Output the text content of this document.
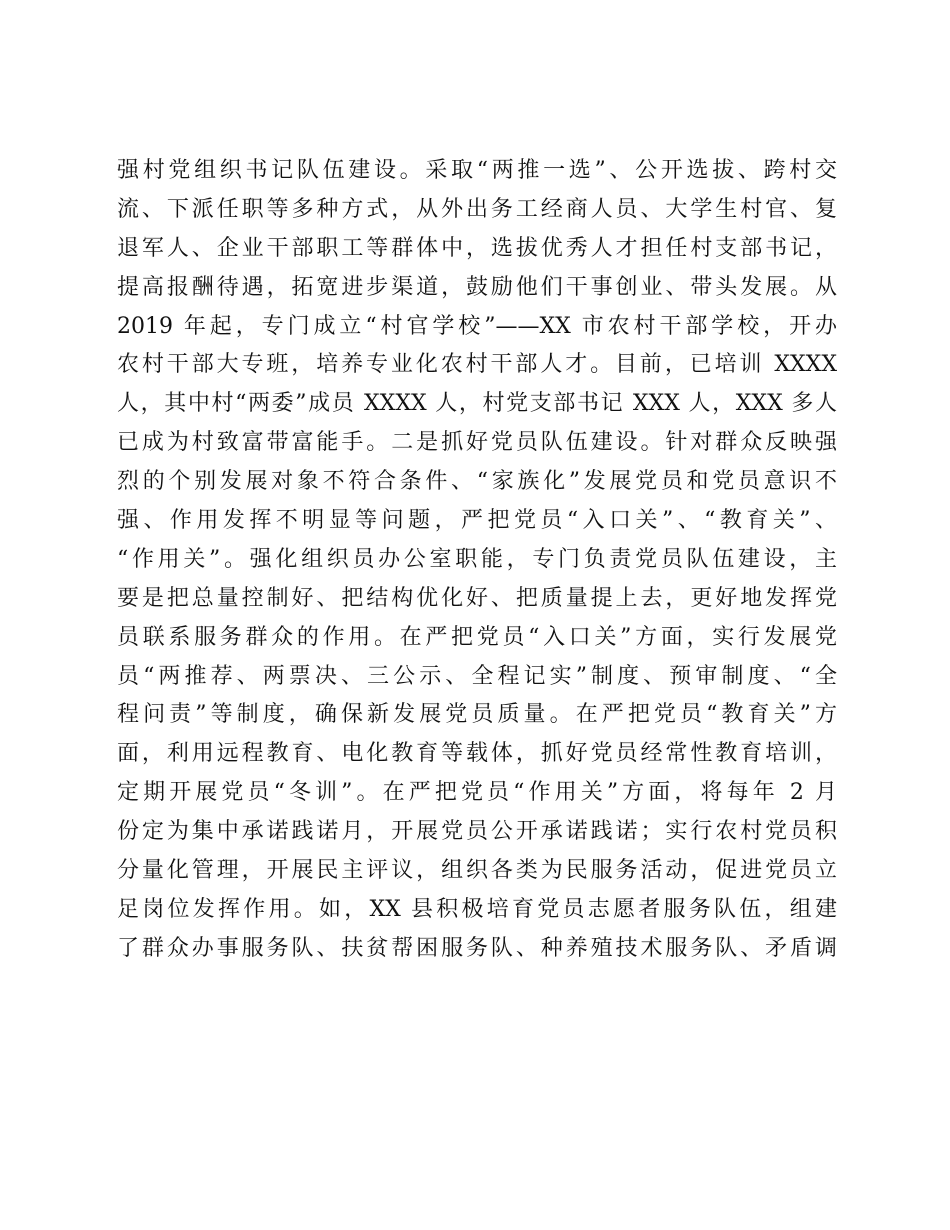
强村党组织书记队伍建设。采取“两推一选”、公开选拔、跨村交
流、下派任职等多种方式，从外出务工经商人员、大学生村官、复
退军人、企业干部职工等群体中，选拔优秀人才担任村支部书记，
提高报酬待遇，拓宽进步渠道，鼓励他们干事创业、带头发展。从
2019 年起，专门成立“村官学校”——XX 市农村干部学校，开办
农村干部大专班，培养专业化农村干部人才。目前，已培训 XXXX
人，其中村“两委”成员 XXXX 人，村党支部书记 XXX 人，XXX 多人
已成为村致富带富能手。二是抓好党员队伍建设。针对群众反映强
烈的个别发展对象不符合条件、“家族化”发展党员和党员意识不
强、作用发挥不明显等问题，严把党员“入口关”、“教育关”、
“作用关”。强化组织员办公室职能，专门负责党员队伍建设，主
要是把总量控制好、把结构优化好、把质量提上去，更好地发挥党
员联系服务群众的作用。在严把党员“入口关”方面，实行发展党
员“两推荐、两票决、三公示、全程记实”制度、预审制度、“全
程问责”等制度，确保新发展党员质量。在严把党员“教育关”方
面，利用远程教育、电化教育等载体，抓好党员经常性教育培训，
定期开展党员“冬训”。在严把党员“作用关”方面，将每年 2 月
份定为集中承诺践诺月，开展党员公开承诺践诺；实行农村党员积
分量化管理，开展民主评议，组织各类为民服务活动，促进党员立
足岗位发挥作用。如，XX 县积极培育党员志愿者服务队伍，组建
了群众办事服务队、扶贫帮困服务队、种养殖技术服务队、矛盾调
